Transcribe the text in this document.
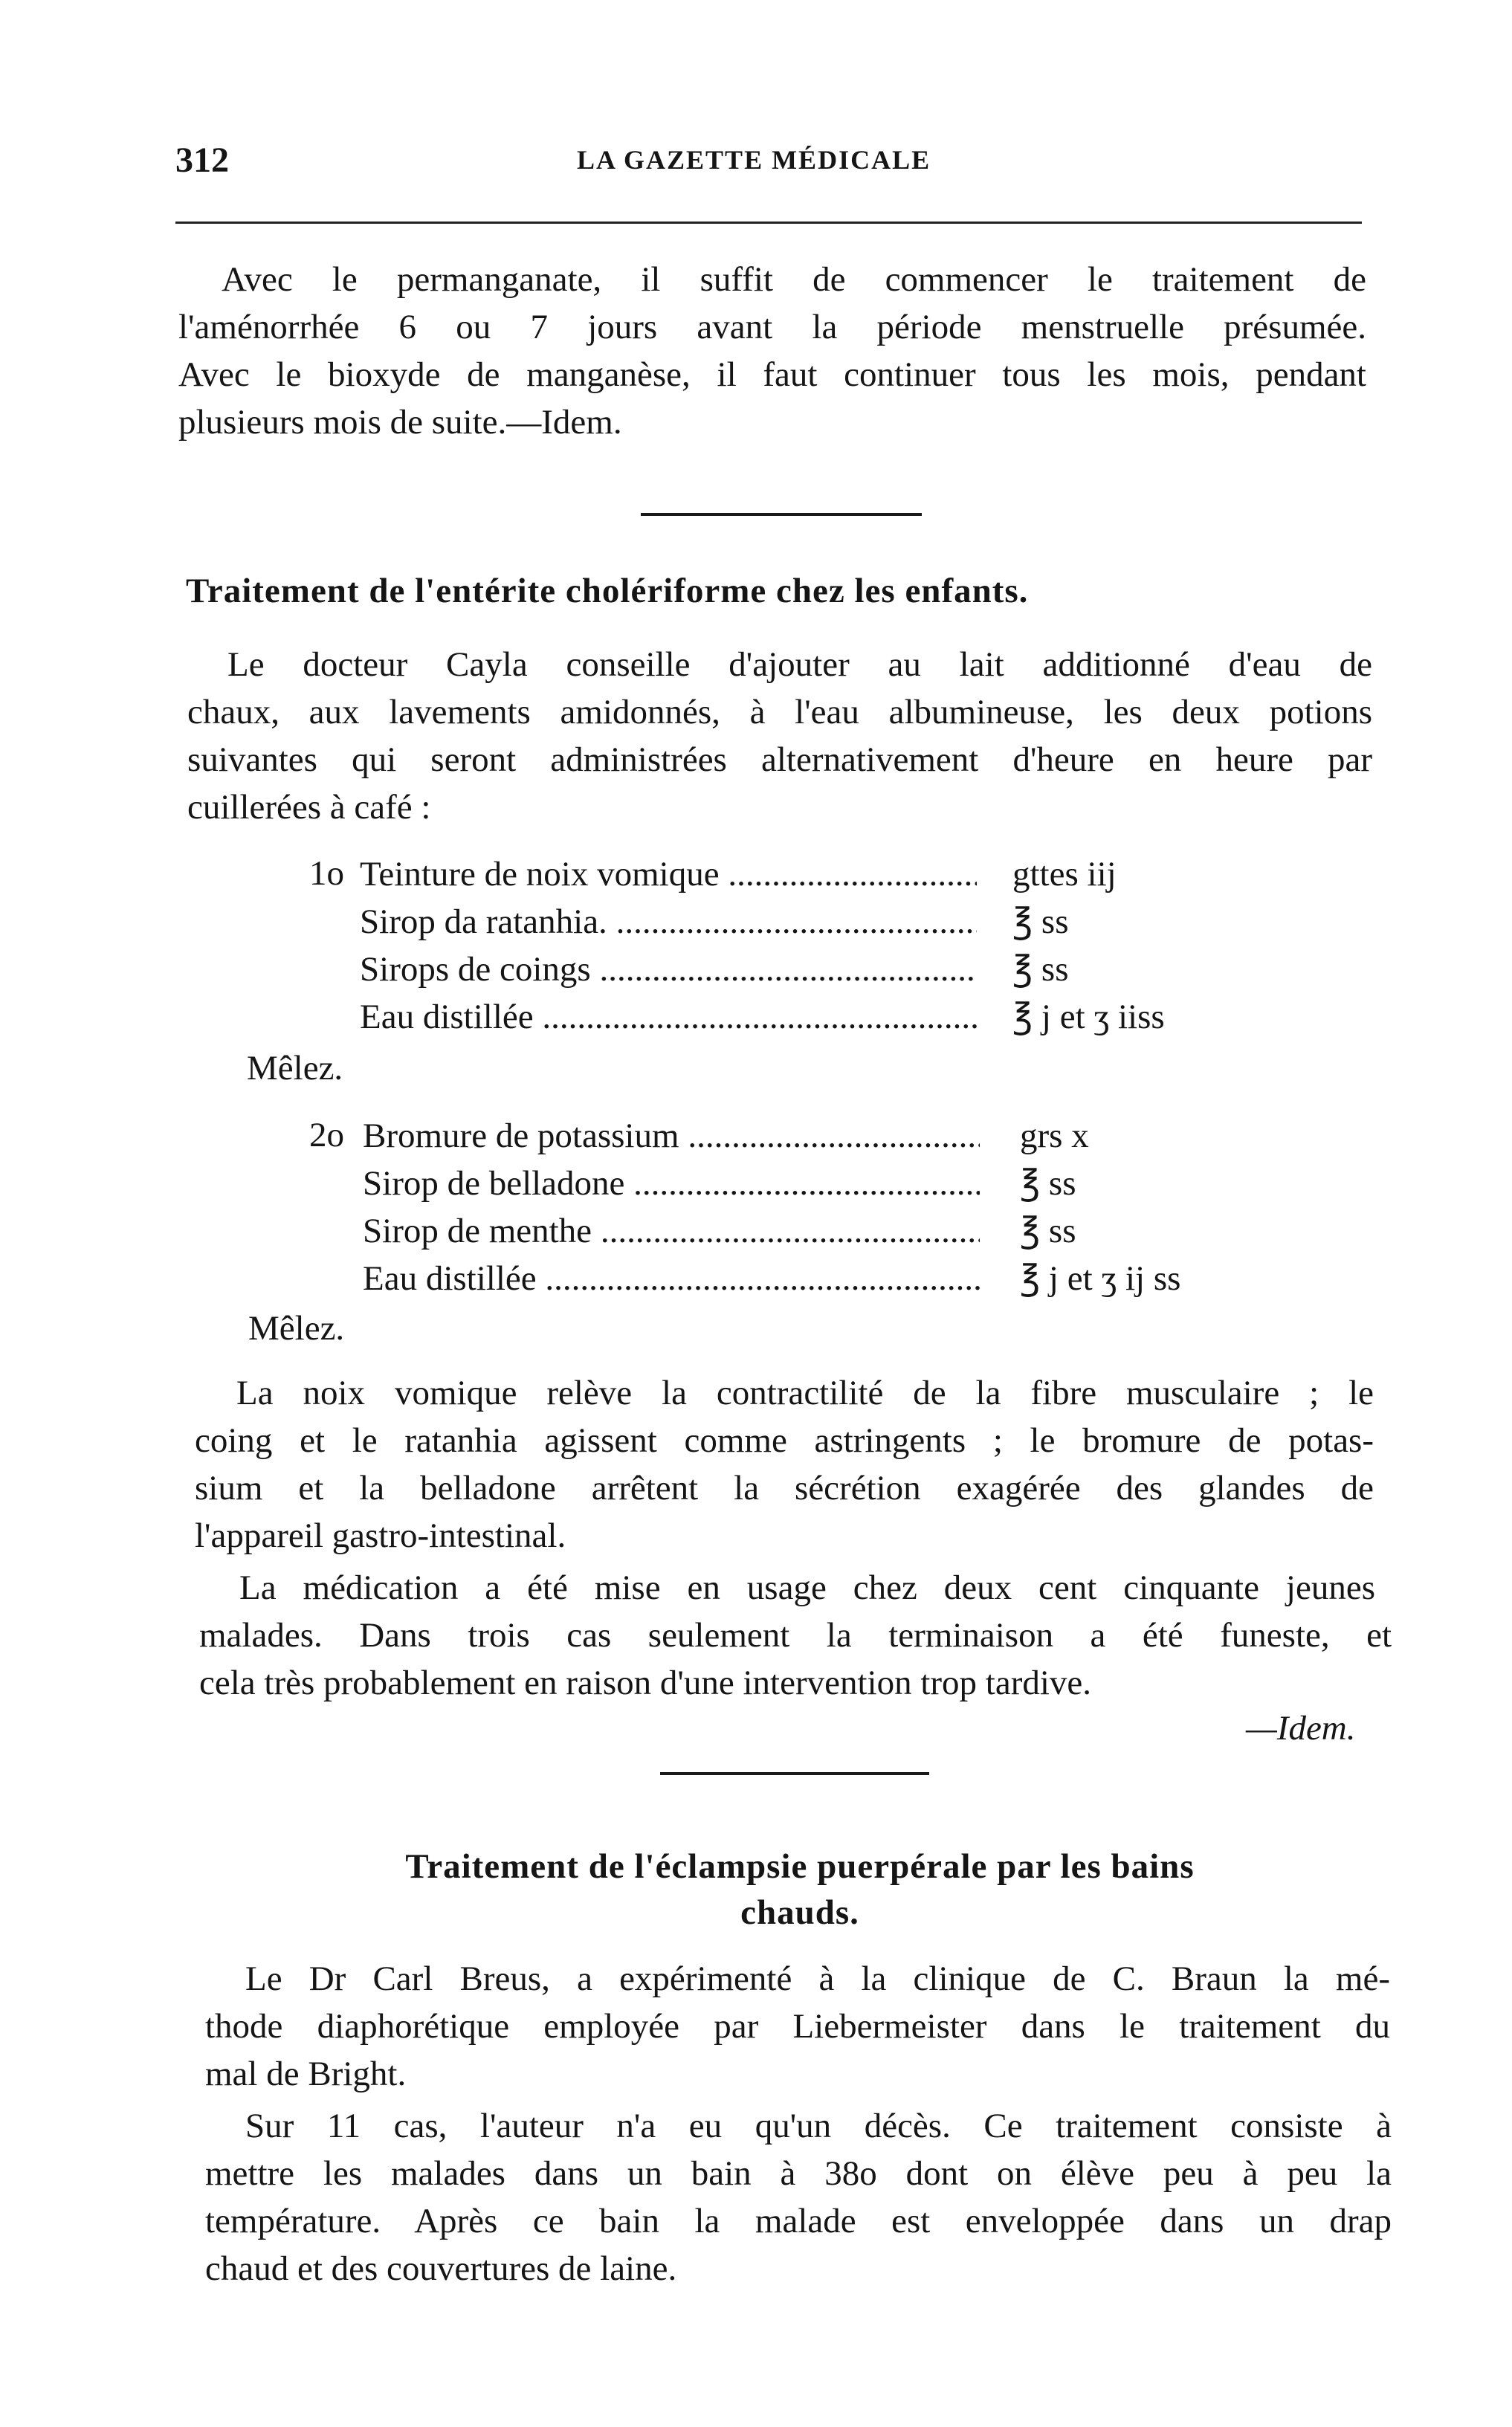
312	LA GAZETTE MÉDICALE
Avec le permanganate, il suffit de commencer le traitement de
l'aménorrhée 6 ou 7 jours avant la période menstruelle présumée.
Avec le bioxyde de manganèse, il faut continuer tous les mois, pendant
plusieurs mois de suite.—Idem.
Traitement de l'entérite cholériforme chez les enfants.
Le docteur Cayla conseille d'ajouter au lait additionné d'eau de
chaux, aux lavements amidonnés, à l'eau albumineuse, les deux potions
suivantes qui seront administrées alternativement d'heure en heure par
cuillerées à café :
1o Teinture de noix vomique .....	gttes iij
Sirop da ratanhia. .....	℥ ss
Sirops de coings .....	℥ ss
Eau distillée .....	℥ j et ʒ iiss
Mêlez.
2o Bromure de potassium .....	grs x
Sirop de belladone .....	℥ ss
Sirop de menthe .....	℥ ss
Eau distillée .....	℥ j et ʒ ij ss
Mêlez.
La noix vomique relève la contractilité de la fibre musculaire ; le
coing et le ratanhia agissent comme astringents ; le bromure de potas-
sium et la belladone arrêtent la sécrétion exagérée des glandes de
l'appareil gastro-intestinal.
La médication a été mise en usage chez deux cent cinquante jeunes
malades. Dans trois cas seulement la terminaison a été funeste, et
cela très probablement en raison d'une intervention trop tardive.
—Idem.
Traitement de l'éclampsie puerpérale par les bains
chauds.
Le Dr Carl Breus, a expérimenté à la clinique de C. Braun la mé-
thode diaphorétique employée par Liebermeister dans le traitement du
mal de Bright.
Sur 11 cas, l'auteur n'a eu qu'un décès. Ce traitement consiste à
mettre les malades dans un bain à 38o dont on élève peu à peu la
température. Après ce bain la malade est enveloppée dans un drap
chaud et des couvertures de laine.
